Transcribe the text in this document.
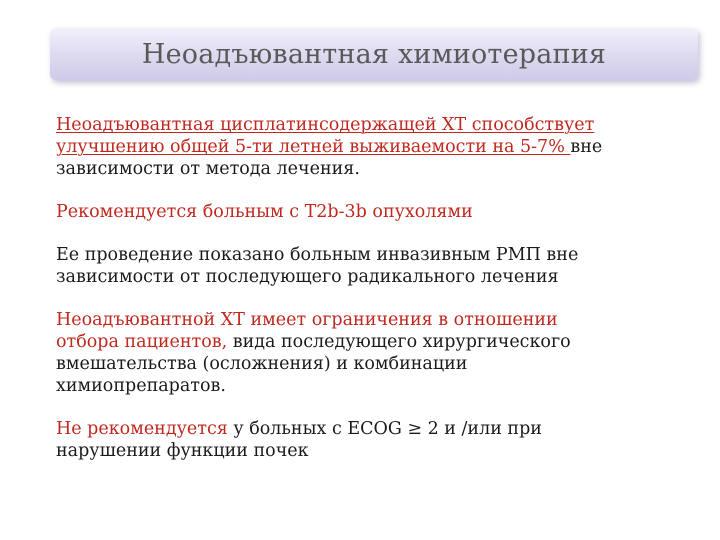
Неоадъювантная химиотерапия

Неоадъювантная цисплатинсодержащей ХТ способствует
улучшению общей 5-ти летней выживаемости на 5-7% вне
зависимости от метода лечения.

Рекомендуется больным с T2b-3b опухолями

Ее проведение показано больным инвазивным РМП вне
зависимости от последующего радикального лечения

Неоадъювантной ХТ имеет ограничения в отношении
отбора пациентов, вида последующего хирургического
вмешательства (осложнения) и комбинации
химиопрепаратов.

Не рекомендуется у больных с ECOG ≥ 2 и /или при
нарушении функции почек
